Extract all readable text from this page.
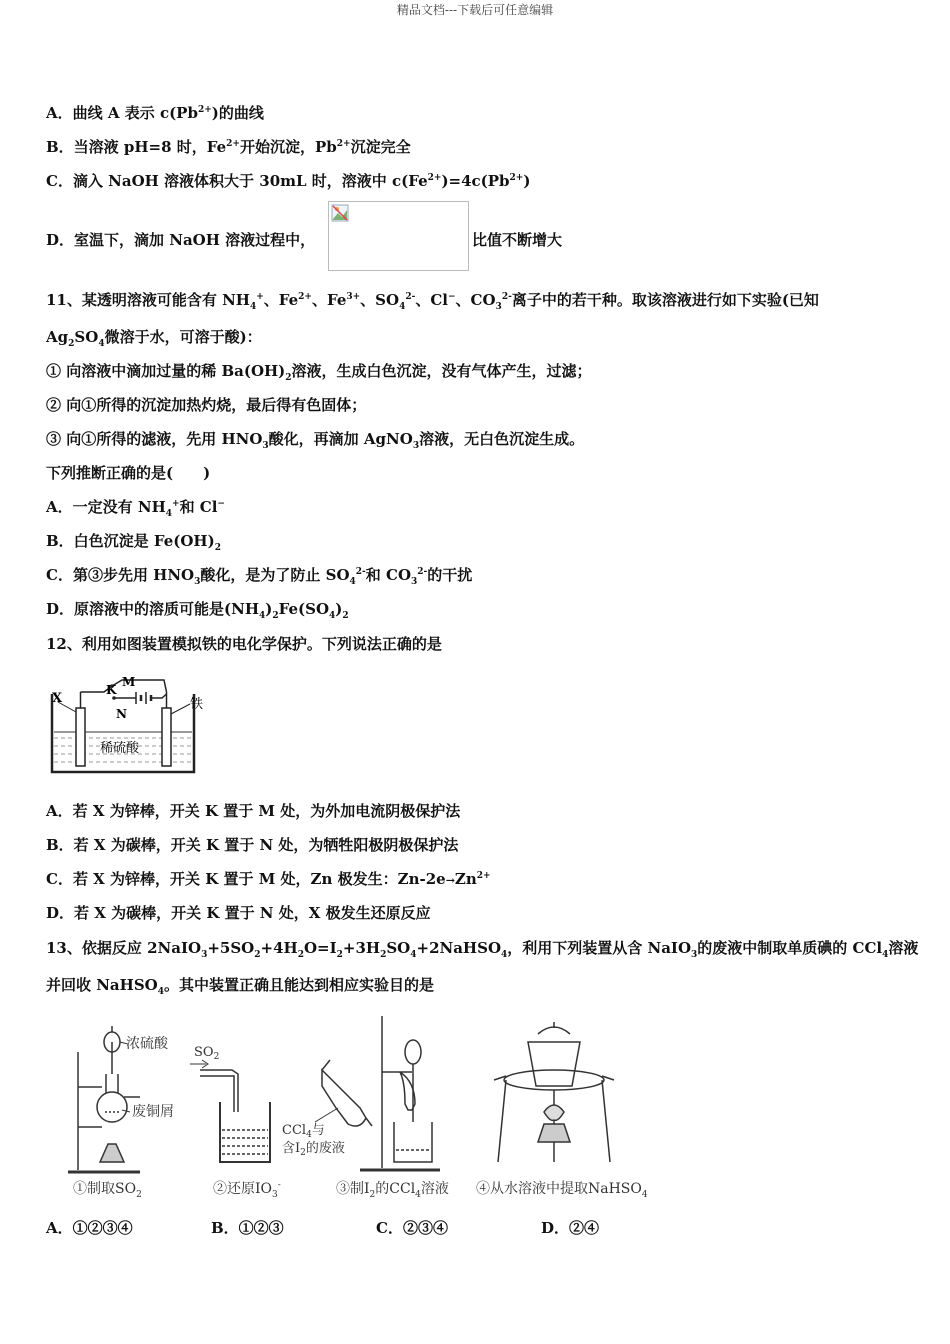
精品文档---下载后可任意编辑
A．曲线 A 表示 $c(Pb^{2+})$的曲线
B．当溶液 pH=8 时，$Fe^{2+}$开始沉淀，$Pb^{2+}$沉淀完全
C．滴入 NaOH 溶液体积大于 30mL 时，溶液中 $c(Fe^{2+})=4c(Pb^{2+})$
D．室温下，滴加 NaOH 溶液过程中，	比值不断增大
11、某透明溶液可能含有 $NH_4^+$、$Fe^{2+}$、$Fe^{3+}$、$SO_4^{2-}$、Cl−、$CO_3^{2-}$离子中的若干种。取该溶液进行如下实验(已知
$Ag_2SO_4$微溶于水，可溶于酸)：
① 向溶液中滴加过量的稀 $Ba(OH)_2$溶液，生成白色沉淀，没有气体产生，过滤；
② 向①所得的沉淀加热灼烧，最后得有色固体；
③ 向①所得的滤液，先用 $HNO_3$酸化，再滴加 AgNO$_3$溶液，无白色沉淀生成。
下列推断正确的是(　　)
A．一定没有 $NH_4^+$和 Cl−
B．白色沉淀是 $Fe(OH)_2$
C．第③步先用 $HNO_3$酸化，是为了防止 $SO_4^{2-}$和 $CO_3^{2-}$的干扰
D．原溶液中的溶质可能是$(NH_4)_2Fe(SO_4)_2$
12、利用如图装置模拟铁的电化学保护。下列说法正确的是
X
K
M
N
铁
稀硫酸
A．若 X 为锌棒，开关 K 置于 M 处，为外加电流阴极保护法
B．若 X 为碳棒，开关 K 置于 N 处，为牺牲阳极阴极保护法
C．若 X 为锌棒，开关 K 置于 M 处，Zn 极发生：$Zn-2e\to Zn^{2+}$
D．若 X 为碳棒，开关 K 置于 N 处，X 极发生还原反应
13、依据反应 $2NaIO_3+5SO_2+4H_2O=I_2+3H_2SO_4+2NaHSO_4$，利用下列装置从含 NaIO$_3$的废液中制取单质碘的 CCl$_4$溶液
并回收 NaHSO$_4$。其中装置正确且能达到相应实验目的是
浓硫酸
废铜屑
$SO_2$
CCl$_4$与
含$I_2$的废液
①制取$SO_2$	②还原$IO_3^-$	③制$I_2$的CCl$_4$溶液 ④从水溶液中提取NaHSO$_4$
A．①②③④	B．①②③	C．②③④	D．②④
